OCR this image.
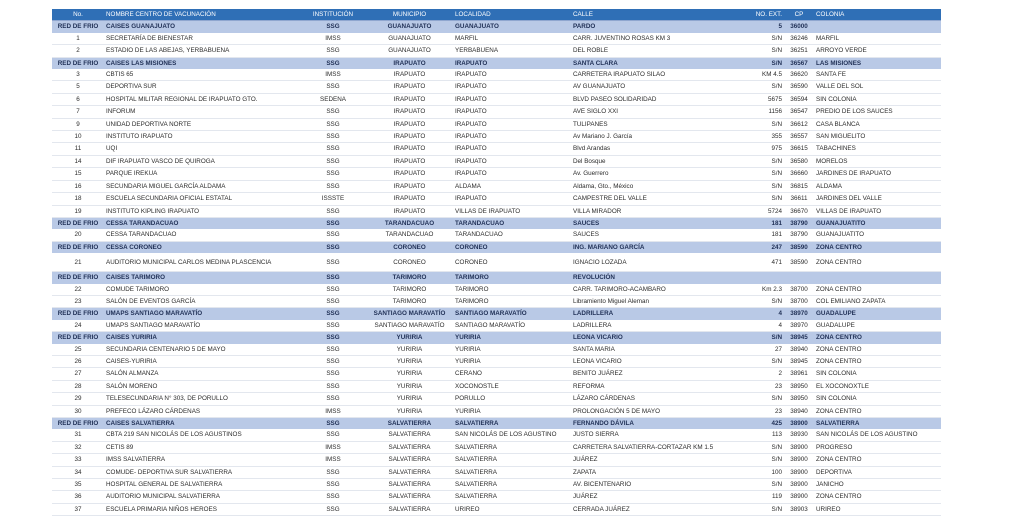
No.	NOMBRE CENTRO DE VACUNACIÓN	INSTITUCIÓN	MUNICIPIO	LOCALIDAD	CALLE	NO. EXT.	CP	COLONIA
RED DE FRIO	CAISES GUANAJUATO	SSG	GUANAJUATO	GUANAJUATO	PARDO	5	36000	
1	SECRETARÍA DE BIENESTAR	IMSS	GUANAJUATO	MARFIL	CARR. JUVENTINO ROSAS KM 3	S/N	36246	MARFIL
2	ESTADIO DE LAS ABEJAS, YERBABUENA	SSG	GUANAJUATO	YERBABUENA	DEL ROBLE	S/N	36251	ARROYO VERDE
RED DE FRIO	CAISES LAS MISIONES	SSG	IRAPUATO	IRAPUATO	SANTA CLARA	S/N	36567	LAS MISIONES
3	CBTIS 65	IMSS	IRAPUATO	IRAPUATO	CARRETERA IRAPUATO SILAO	KM 4.5	36620	SANTA FE
5	DEPORTIVA SUR	SSG	IRAPUATO	IRAPUATO	AV GUANAJUATO	S/N	36590	VALLE DEL SOL
6	HOSPITAL MILITAR REGIONAL DE IRAPUATO GTO.	SEDENA	IRAPUATO	IRAPUATO	BLVD PASEO SOLIDARIDAD	5675	36594	SIN COLONIA
7	INFORUM	SSG	IRAPUATO	IRAPUATO	AVE SIGLO XXI	1156	36547	PREDIO DE LOS SAUCES
9	UNIDAD DEPORTIVA NORTE	SSG	IRAPUATO	IRAPUATO	TULIPANES	S/N	36612	CASA BLANCA
10	INSTITUTO IRAPUATO	SSG	IRAPUATO	IRAPUATO	Av Mariano J. García	355	36557	SAN MIGUELITO
11	UQI	SSG	IRAPUATO	IRAPUATO	Blvd Arandas	975	36615	TABACHINES
14	DIF IRAPUATO VASCO DE QUIROGA	SSG	IRAPUATO	IRAPUATO	Del Bosque	S/N	36580	MORELOS
15	PARQUE IREKUA	SSG	IRAPUATO	IRAPUATO	Av. Guerrero	S/N	36660	JARDINES DE IRAPUATO
16	SECUNDARIA MIGUEL GARCÍA ALDAMA	SSG	IRAPUATO	ALDAMA	Aldama, Gto., México	S/N	36815	ALDAMA
18	ESCUELA SECUNDARIA OFICIAL ESTATAL	ISSSTE	IRAPUATO	IRAPUATO	CAMPESTRE DEL VALLE	S/N	36611	JARDINES DEL VALLE
19	INSTITUTO KIPLING IRAPUATO	SSG	IRAPUATO	VILLAS DE IRAPUATO	VILLA MIRADOR	5724	36670	VILLAS DE IRAPUATO
RED DE FRIO	CESSA TARANDACUAO	SSG	TARANDACUAO	TARANDACUAO	SAUCES	181	38790	GUANAJUATITO
20	CESSA TARANDACUAO	SSG	TARANDACUAO	TARANDACUAO	SAUCES	181	38790	GUANAJUATITO
RED DE FRIO	CESSA CORONEO	SSG	CORONEO	CORONEO	ING. MARIANO GARCÍA	247	38590	ZONA CENTRO
21	AUDITORIO MUNICIPAL CARLOS MEDINA PLASCENCIA	SSG	CORONEO	CORONEO	IGNACIO LOZADA	471	38590	ZONA CENTRO
RED DE FRIO	CAISES TARIMORO	SSG	TARIMORO	TARIMORO	REVOLUCIÓN			
22	COMUDE TARIMORO	SSG	TARIMORO	TARIMORO	CARR. TARIMORO-ACAMBARO	Km 2.3	38700	ZONA CENTRO
23	SALÓN DE EVENTOS GARCÍA	SSG	TARIMORO	TARIMORO	Libramiento Miguel Aleman	S/N	38700	COL EMILIANO ZAPATA
RED DE FRIO	UMAPS SANTIAGO MARAVATÍO	SSG	SANTIAGO MARAVATÍO	SANTIAGO MARAVATÍO	LADRILLERA	4	38970	GUADALUPE
24	UMAPS SANTIAGO MARAVATÍO	SSG	SANTIAGO MARAVATÍO	SANTIAGO MARAVATÍO	LADRILLERA	4	38970	GUADALUPE
RED DE FRIO	CAISES YURIRIA	SSG	YURIRIA	YURIRIA	LEONA VICARIO	S/N	38945	ZONA CENTRO
25	SECUNDARIA CENTENARIO 5 DE MAYO	SSG	YURIRIA	YURIRIA	SANTA MARIA	27	38940	ZONA CENTRO
26	CAISES-YURIRIA	SSG	YURIRIA	YURIRIA	LEONA VICARIO	S/N	38945	ZONA CENTRO
27	SALÓN ALMANZA	SSG	YURIRIA	CERANO	BENITO JUÁREZ	2	38961	SIN COLONIA
28	SALÓN MORENO	SSG	YURIRIA	XOCONOSTLE	REFORMA	23	38950	EL XOCONOXTLE
29	TELESECUNDARIA N° 303, DE PORULLO	SSG	YURIRIA	PORULLO	LÁZARO CÁRDENAS	S/N	38950	SIN COLONIA
30	PREFECO LÁZARO CÁRDENAS	IMSS	YURIRIA	YURIRIA	PROLONGACIÓN 5 DE MAYO	23	38940	ZONA CENTRO
RED DE FRIO	CAISES SALVATIERRA	SSG	SALVATIERRA	SALVATIERRA	FERNANDO DÁVILA	425	38900	SALVATIERRA
31	CBTA 219 SAN NICOLÁS DE LOS AGUSTINOS	SSG	SALVATIERRA	SAN NICOLÁS DE LOS AGUSTINO	JUSTO SIERRA	113	38930	SAN NICOLÁS DE LOS AGUSTINO
32	CETIS 89	IMSS	SALVATIERRA	SALVATIERRA	CARRETERA SALVATIERRA-CORTAZAR KM 1.5	S/N	38900	PROGRESO
33	IMSS SALVATIERRA	IMSS	SALVATIERRA	SALVATIERRA	JUÁREZ	S/N	38900	ZONA CENTRO
34	COMUDE- DEPORTIVA SUR SALVATIERRA	SSG	SALVATIERRA	SALVATIERRA	ZAPATA	100	38900	DEPORTIVA
35	HOSPITAL GENERAL DE SALVATIERRA	SSG	SALVATIERRA	SALVATIERRA	AV. BICENTENARIO	S/N	38900	JANICHO
36	AUDITORIO MUNICIPAL SALVATIERRA	SSG	SALVATIERRA	SALVATIERRA	JUÁREZ	119	38900	ZONA CENTRO
37	ESCUELA PRIMARIA NIÑOS HEROES	SSG	SALVATIERRA	URIREO	CERRADA JUÁREZ	S/N	38903	URIREO
